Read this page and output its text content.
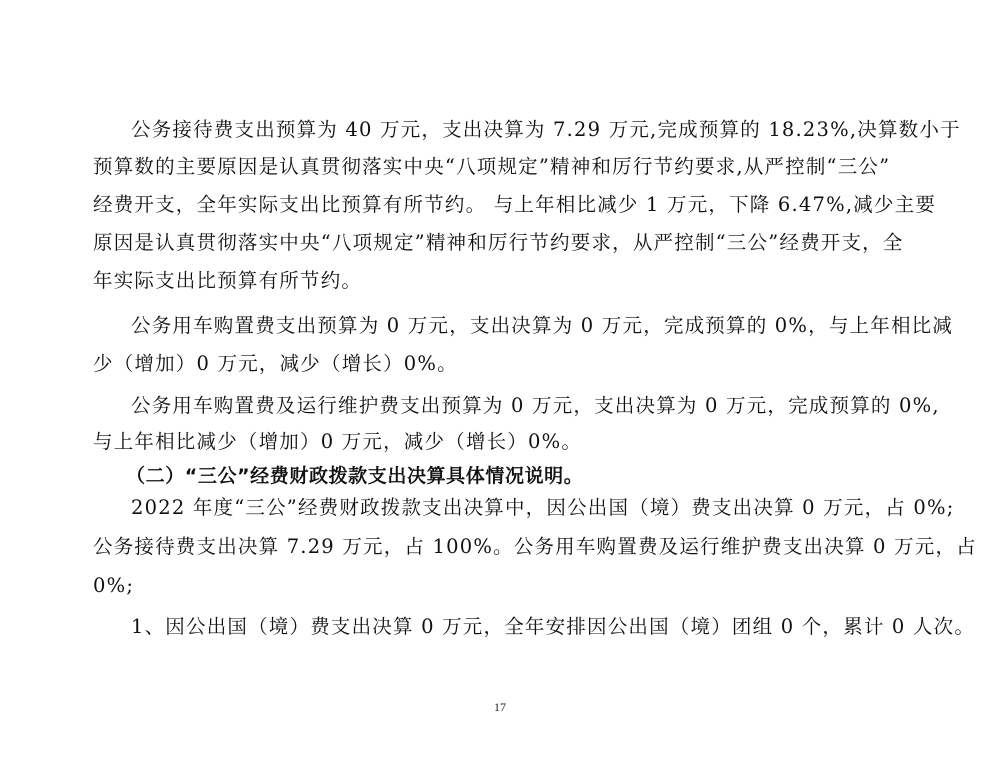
公务接待费支出预算为 40 万元，支出决算为 7.29 万元,完成预算的 18.23%,决算数小于
预算数的主要原因是认真贯彻落实中央“八项规定”精神和厉行节约要求,从严控制“三公”
经费开支，全年实际支出比预算有所节约。 与上年相比减少 1 万元，下降 6.47%,减少主要
原因是认真贯彻落实中央“八项规定”精神和厉行节约要求，从严控制“三公”经费开支，全
年实际支出比预算有所节约。
公务用车购置费支出预算为 0 万元，支出决算为 0 万元，完成预算的 0%，与上年相比减
少（增加）0 万元，减少（增长）0%。
公务用车购置费及运行维护费支出预算为 0 万元，支出决算为 0 万元，完成预算的 0%,
与上年相比减少（增加）0 万元，减少（增长）0%。
（二）“三公”经费财政拨款支出决算具体情况说明。
2022 年度“三公”经费财政拨款支出决算中，因公出国（境）费支出决算 0 万元，占 0%;
公务接待费支出决算 7.29 万元，占 100%。公务用车购置费及运行维护费支出决算 0 万元，占
0%;
1、因公出国（境）费支出决算 0 万元，全年安排因公出国（境）团组 0 个，累计 0 人次。
17
